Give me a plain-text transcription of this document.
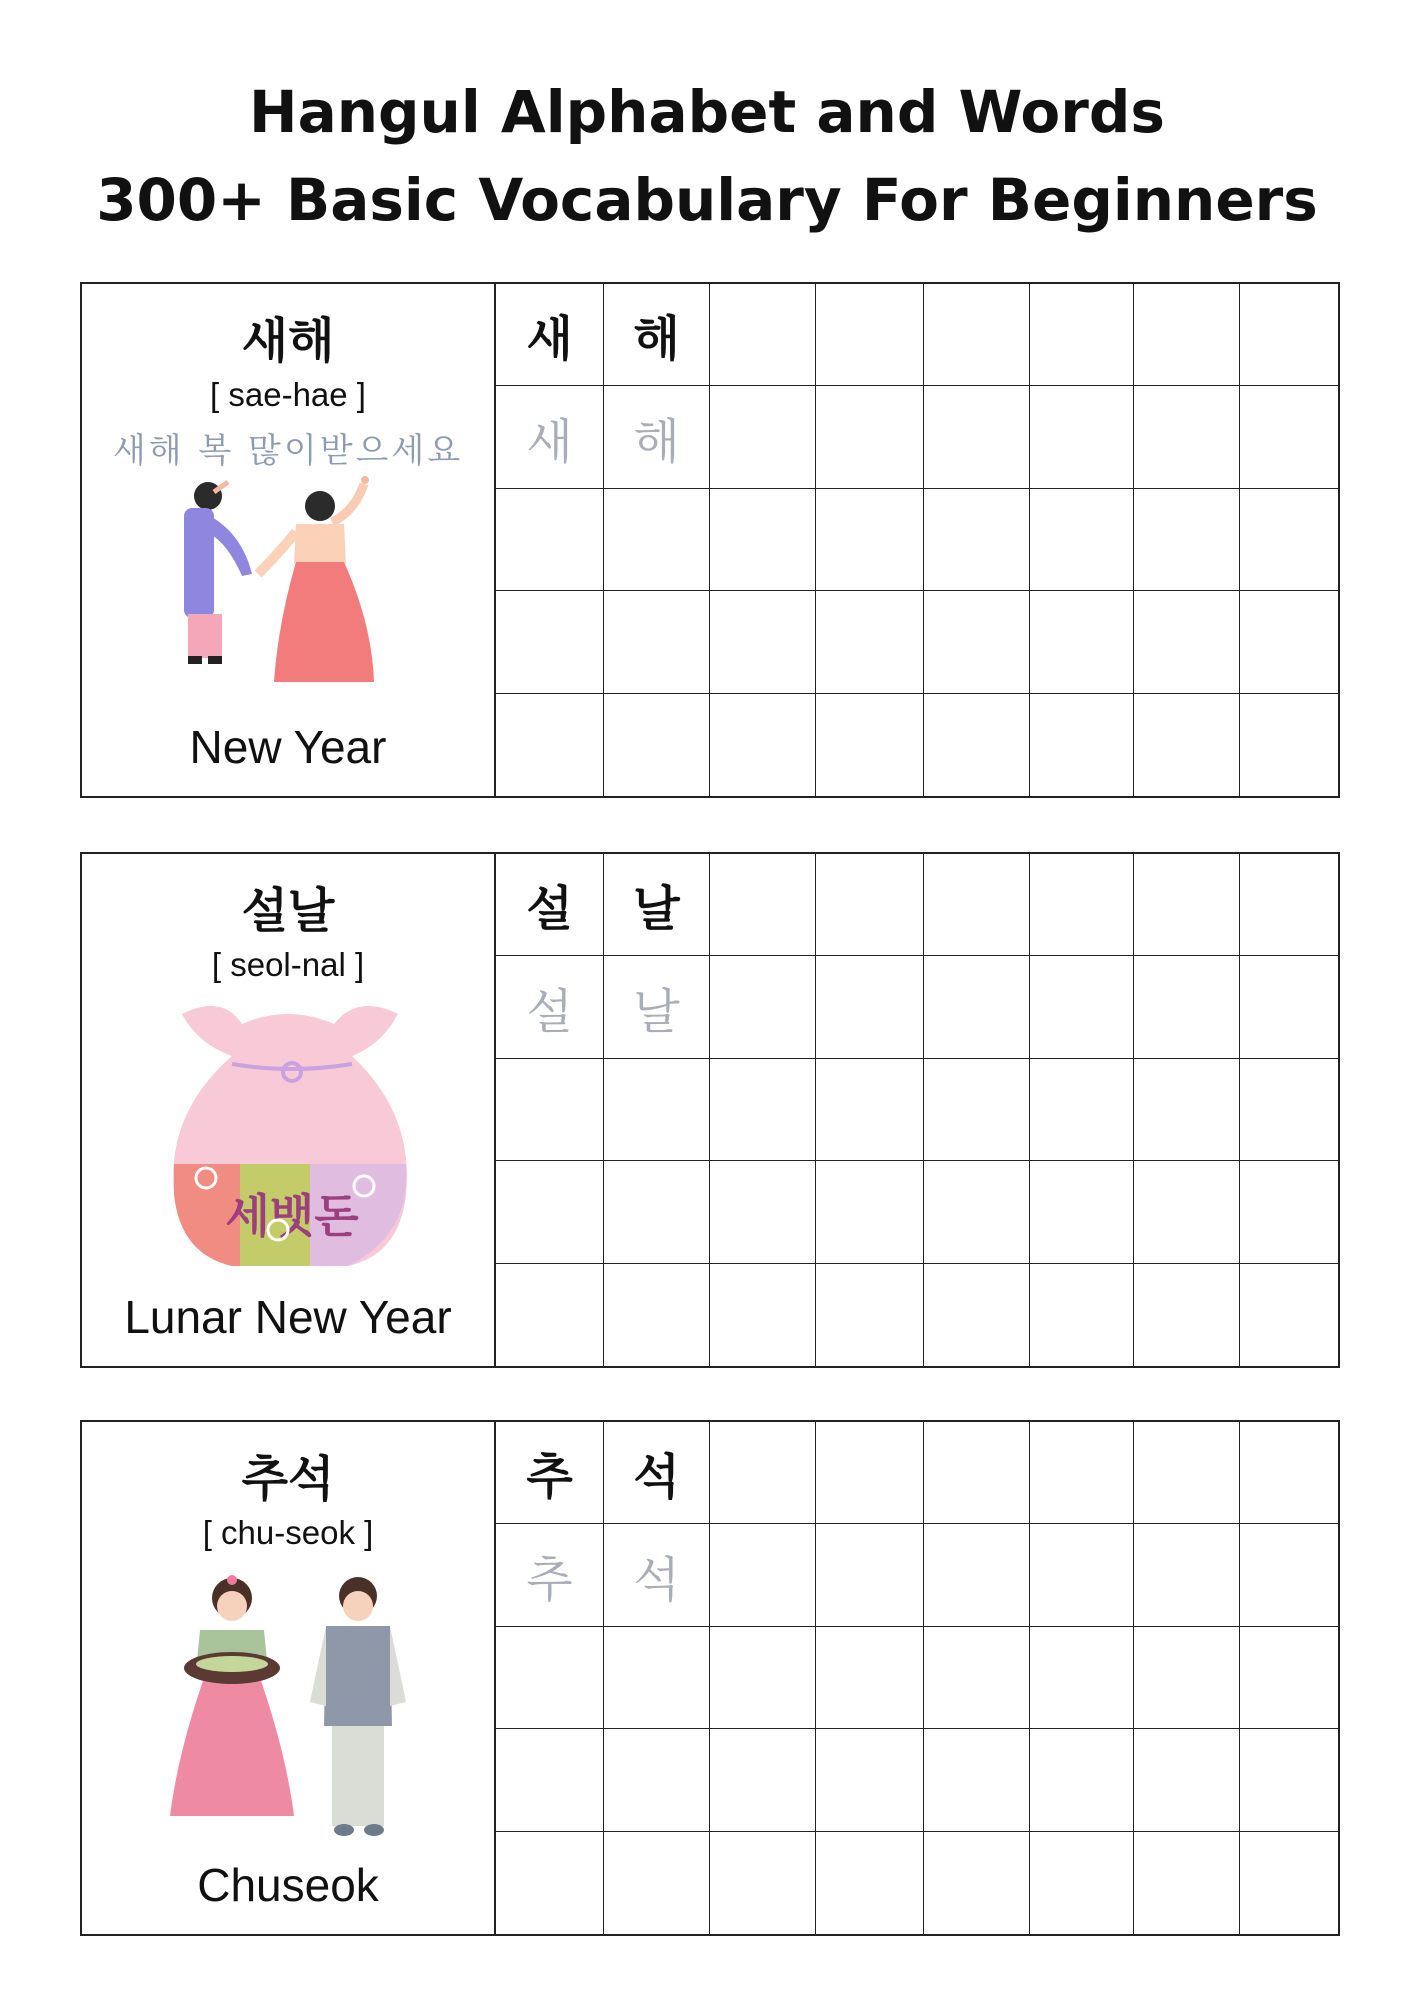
Hangul Alphabet and Words
300+ Basic Vocabulary For Beginners
새해
[ sae-hae ]
새해 복 많이받으세요
New Year
새	해
새	해
설날
[ seol-nal ]
세뱃돈
Lunar New Year
설	날
설	날
추석
[ chu-seok ]
Chuseok
추	석
추	석
